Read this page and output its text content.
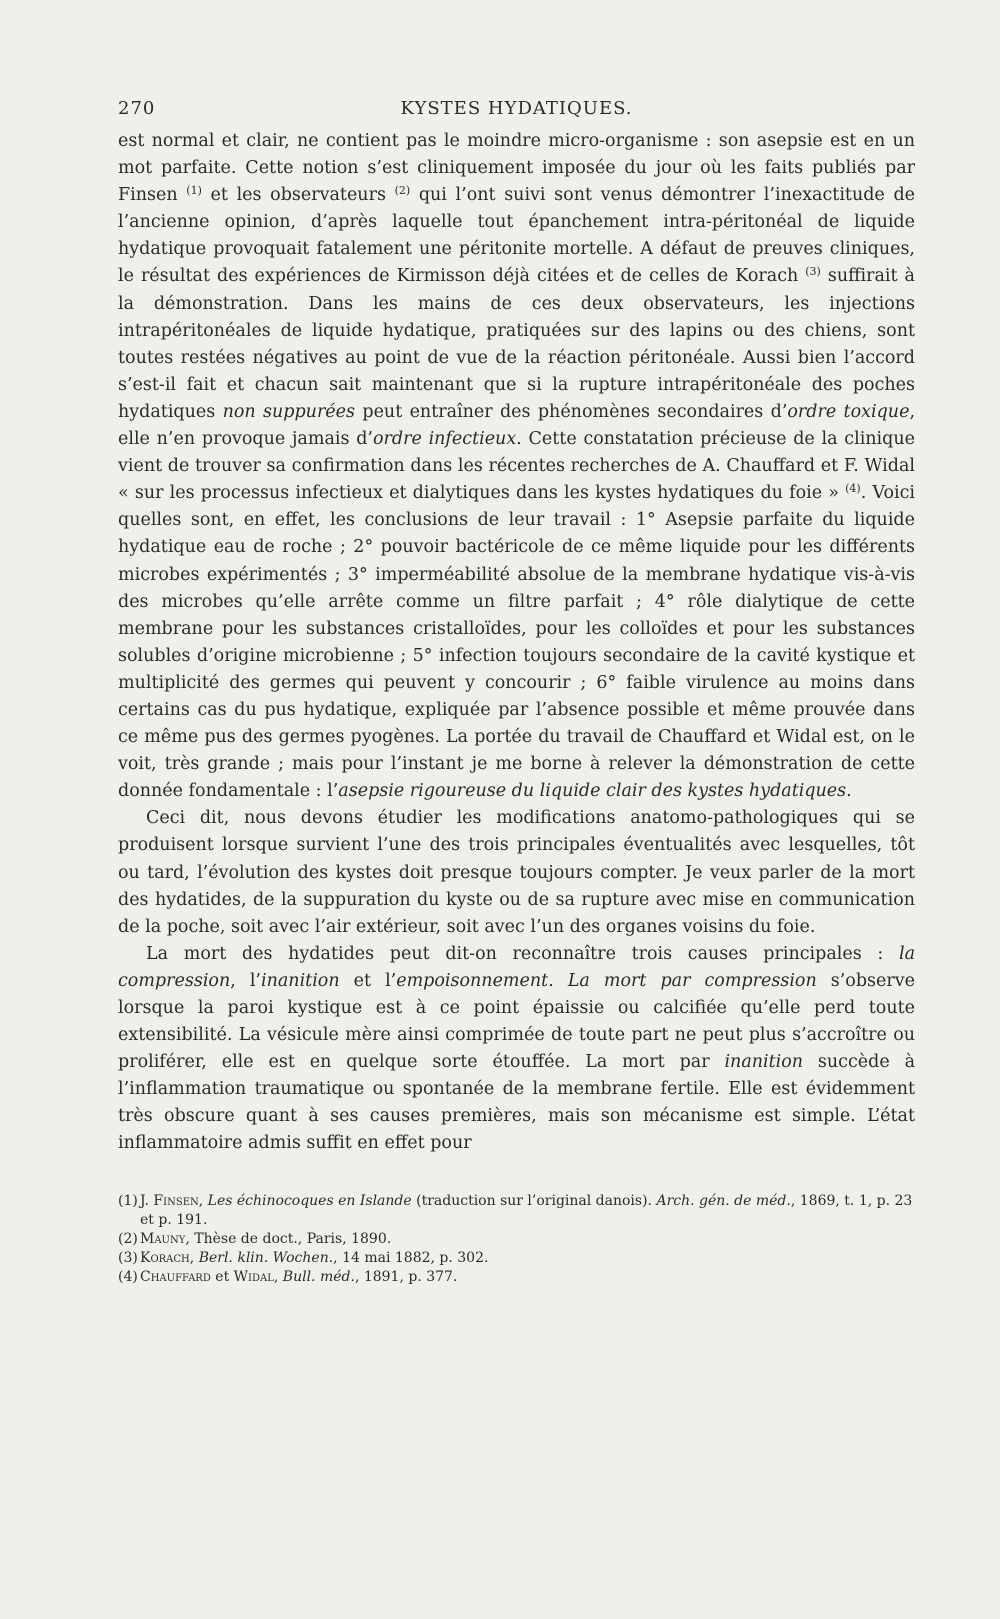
270	KYSTES HYDATIQUES.

est normal et clair, ne contient pas le moindre micro-organisme : son asepsie est en un mot parfaite. Cette notion s’est cliniquement imposée du jour où les faits publiés par Finsen $^{(1)}$ et les observateurs $^{(2)}$ qui l’ont suivi sont venus démontrer l’inexactitude de l’ancienne opinion, d’après laquelle tout épanchement intra-péritonéal de liquide hydatique provoquait fatalement une péritonite mortelle. A défaut de preuves cliniques, le résultat des expériences de Kirmisson déjà citées et de celles de Korach $^{(3)}$ suffirait à la démonstration. Dans les mains de ces deux observateurs, les injections intrapéritonéales de liquide hydatique, pratiquées sur des lapins ou des chiens, sont toutes restées négatives au point de vue de la réaction péritonéale. Aussi bien l’accord s’est-il fait et chacun sait maintenant que si la rupture intrapéritonéale des poches hydatiques non suppurées peut entraîner des phénomènes secondaires d’ordre toxique, elle n’en provoque jamais d’ordre infectieux. Cette constatation précieuse de la clinique vient de trouver sa confirmation dans les récentes recherches de A. Chauffard et F. Widal « sur les processus infectieux et dialytiques dans les kystes hydatiques du foie » $^{(4)}$. Voici quelles sont, en effet, les conclusions de leur travail : 1° Asepsie parfaite du liquide hydatique eau de roche ; 2° pouvoir bactéricole de ce même liquide pour les différents microbes expérimentés ; 3° imperméabilité absolue de la membrane hydatique vis-à-vis des microbes qu’elle arrête comme un filtre parfait ; 4° rôle dialytique de cette membrane pour les substances cristalloïdes, pour les colloïdes et pour les substances solubles d’origine microbienne ; 5° infection toujours secondaire de la cavité kystique et multiplicité des germes qui peuvent y concourir ; 6° faible virulence au moins dans certains cas du pus hydatique, expliquée par l’absence possible et même prouvée dans ce même pus des germes pyogènes. La portée du travail de Chauffard et Widal est, on le voit, très grande ; mais pour l’instant je me borne à relever la démonstration de cette donnée fondamentale : l’asepsie rigoureuse du liquide clair des kystes hydatiques.

Ceci dit, nous devons étudier les modifications anatomo-pathologiques qui se produisent lorsque survient l’une des trois principales éventualités avec lesquelles, tôt ou tard, l’évolution des kystes doit presque toujours compter. Je veux parler de la mort des hydatides, de la suppuration du kyste ou de sa rupture avec mise en communication de la poche, soit avec l’air extérieur, soit avec l’un des organes voisins du foie.

La mort des hydatides peut dit-on reconnaître trois causes principales : la compression, l’inanition et l’empoisonnement. La mort par compression s’observe lorsque la paroi kystique est à ce point épaissie ou calcifiée qu’elle perd toute extensibilité. La vésicule mère ainsi comprimée de toute part ne peut plus s’accroître ou proliférer, elle est en quelque sorte étouffée. La mort par inanition succède à l’inflammation traumatique ou spontanée de la membrane fertile. Elle est évidemment très obscure quant à ses causes premières, mais son mécanisme est simple. L’état inflammatoire admis suffit en effet pour

(1) J. Finsen, Les échinocoques en Islande (traduction sur l’original danois). Arch. gén. de méd., 1869, t. 1, p. 23 et p. 191.

(2) Mauny, Thèse de doct., Paris, 1890.

(3) Korach, Berl. klin. Wochen., 14 mai 1882, p. 302.

(4) Chauffard et Widal, Bull. méd., 1891, p. 377.
